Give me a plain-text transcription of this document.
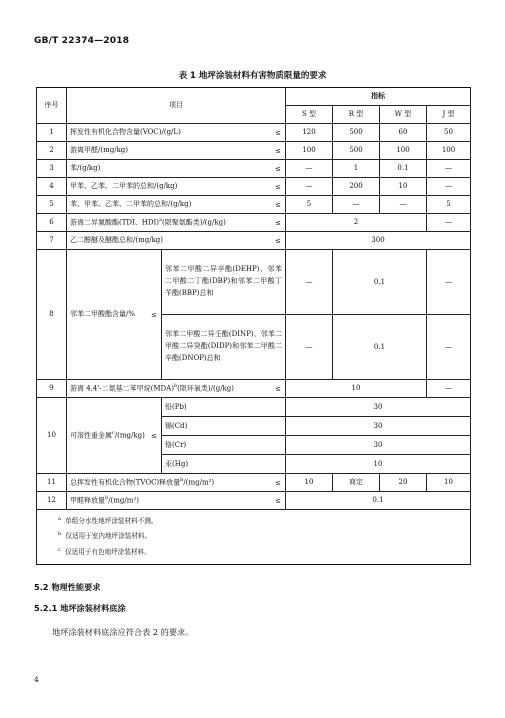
GB/T 22374—2018
表 1 地坪涂装材料有害物质限量的要求
序号	项目		指标			
			S 型	R 型	W 型	J 型
1	挥发性有机化合物含量(VOC)/(g/L) ≤		120	500	60	50
2	游离甲醛/(mg/kg) ≤		100	500	100	100
3	苯/(g/kg) ≤		—	1	0.1	—
4	甲苯、乙苯、二甲苯的总和/(g/kg) ≤		—	200	10	—
5	苯、甲苯、乙苯、二甲苯的总和/(g/kg) ≤		5	—	—	5
6	游离二异氰酸酯(TDI、HDI)$^a$(限聚氨酯类)/(g/kg) ≤		2			—
7	乙二醇醚及醚酯总和/(mg/kg) ≤		300			
8	邻苯二甲酸酯含量/% ≤	邻苯二甲酸二异辛酯(DEHP)、邻苯二甲酸二丁酯(DBP)和邻苯二甲酸丁苄酯(BBP)总和	—	0.1		—
		邻苯二甲酸二异壬酯(DINP)、邻苯二甲酸二异癸酯(DIDP)和邻苯二甲酸二辛酯(DNOP)总和	—	0.1		—
9	游离 4,4'-二氨基二苯甲烷(MDA)$^b$(限环氧类)/(g/kg) ≤		10			—
10	可溶性重金属$^c$/(mg/kg) ≤	铅(Pb)	30			
		镉(Cd)	30			
		铬(Cr)	30			
		汞(Hg)	10			
11	总挥发性有机化合物(TVOC)释放量$^b$/(mg/m²) ≤		10	商定	20	10
12	甲醛释放量$^b$/(mg/m²) ≤		0.1			

$^a$ 单组分水性地坪涂装材料不测。
$^b$ 仅适用于室内地坪涂装材料。
$^c$ 仅适用于有色地坪涂装材料。						
5.2 物理性能要求
5.2.1 地坪涂装材料底涂
地坪涂装材料底涂应符合表 2 的要求。
4
